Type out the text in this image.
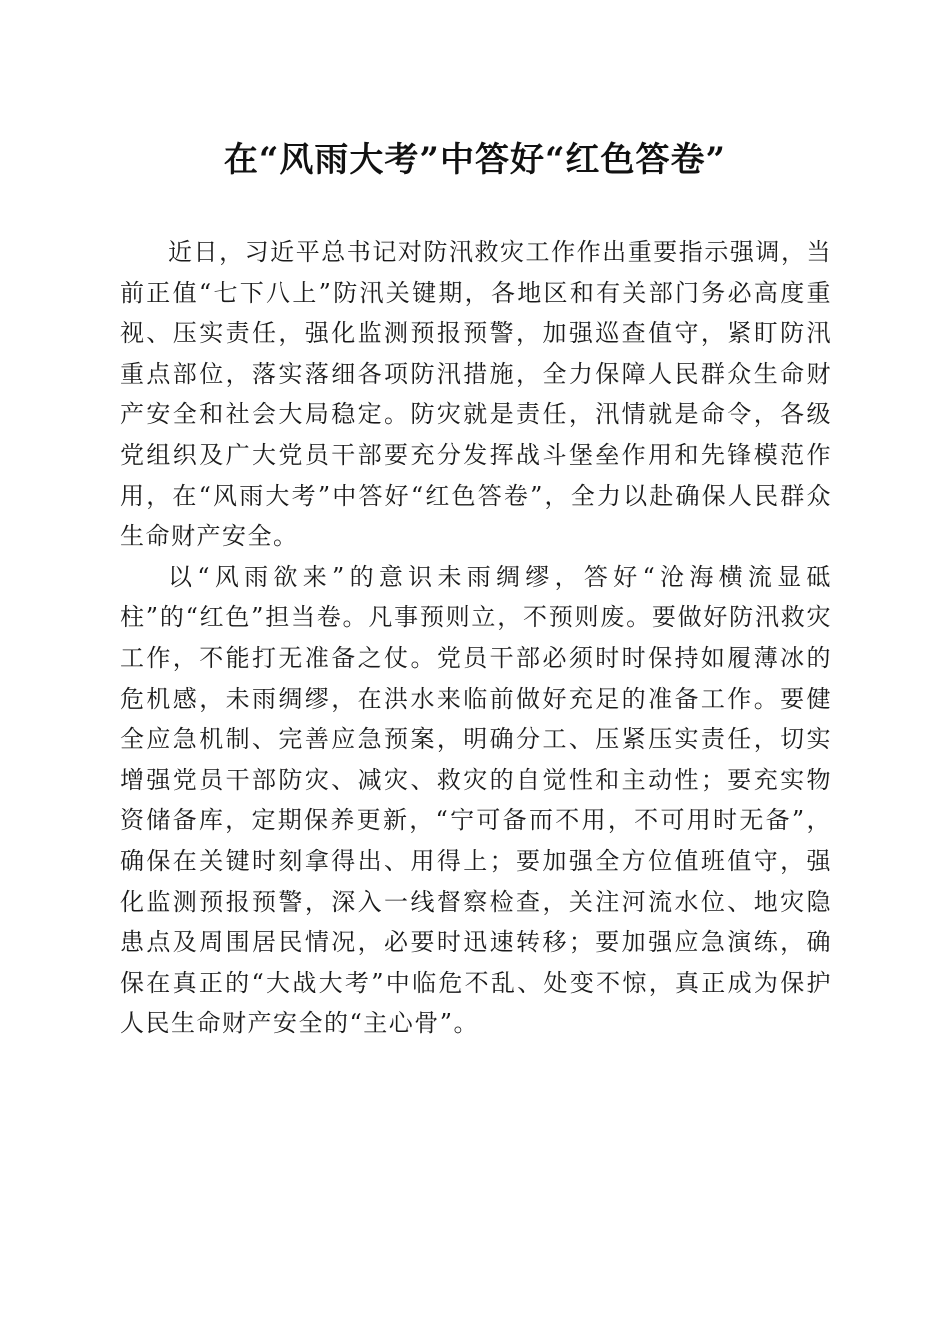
在“风雨大考”中答好“红色答卷”

近日，习近平总书记对防汛救灾工作作出重要指示强调，当前正值“七下八上”防汛关键期，各地区和有关部门务必高度重视、压实责任，强化监测预报预警，加强巡查值守，紧盯防汛重点部位，落实落细各项防汛措施，全力保障人民群众生命财产安全和社会大局稳定。防灾就是责任，汛情就是命令，各级党组织及广大党员干部要充分发挥战斗堡垒作用和先锋模范作用，在“风雨大考”中答好“红色答卷”，全力以赴确保人民群众生命财产安全。

以“风雨欲来”的意识未雨绸缪，答好“沧海横流显砥柱”的“红色”担当卷。凡事预则立，不预则废。要做好防汛救灾工作，不能打无准备之仗。党员干部必须时时保持如履薄冰的危机感，未雨绸缪，在洪水来临前做好充足的准备工作。要健全应急机制、完善应急预案，明确分工、压紧压实责任，切实增强党员干部防灾、减灾、救灾的自觉性和主动性；要充实物资储备库，定期保养更新，“宁可备而不用，不可用时无备”，确保在关键时刻拿得出、用得上；要加强全方位值班值守，强化监测预报预警，深入一线督察检查，关注河流水位、地灾隐患点及周围居民情况，必要时迅速转移；要加强应急演练，确保在真正的“大战大考”中临危不乱、处变不惊，真正成为保护人民生命财产安全的“主心骨”。
